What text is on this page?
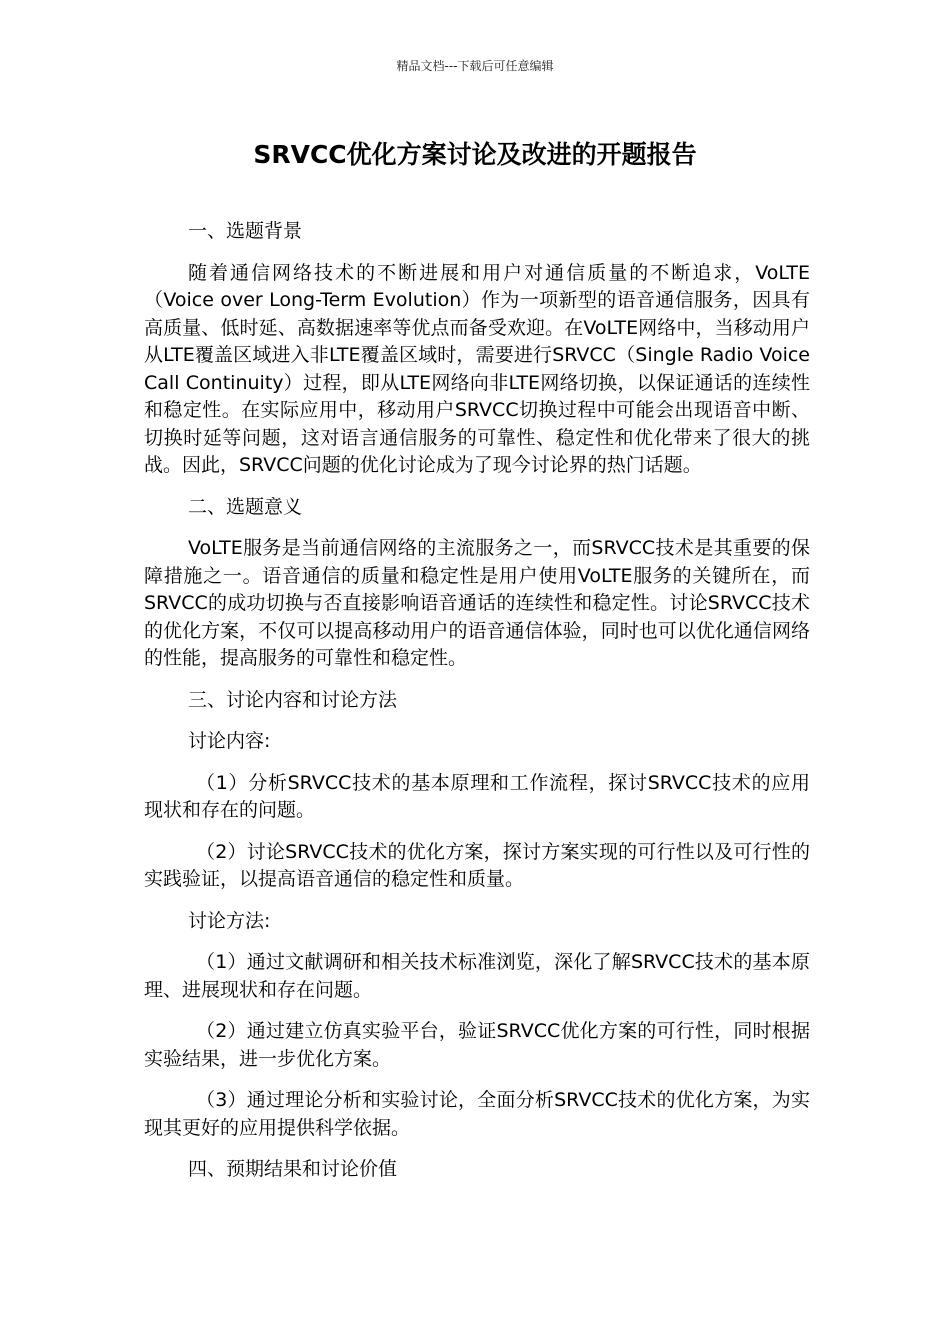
精品文档---下载后可任意编辑
SRVCC优化方案讨论及改进的开题报告

一、选题背景

随着通信网络技术的不断进展和用户对通信质量的不断追求，VoLTE（Voice over Long-Term Evolution）作为一项新型的语音通信服务，因具有高质量、低时延、高数据速率等优点而备受欢迎。在VoLTE网络中，当移动用户从LTE覆盖区域进入非LTE覆盖区域时，需要进行SRVCC（Single Radio Voice Call Continuity）过程，即从LTE网络向非LTE网络切换，以保证通话的连续性和稳定性。在实际应用中，移动用户SRVCC切换过程中可能会出现语音中断、切换时延等问题，这对语言通信服务的可靠性、稳定性和优化带来了很大的挑战。因此，SRVCC问题的优化讨论成为了现今讨论界的热门话题。

二、选题意义

VoLTE服务是当前通信网络的主流服务之一，而SRVCC技术是其重要的保障措施之一。语音通信的质量和稳定性是用户使用VoLTE服务的关键所在，而SRVCC的成功切换与否直接影响语音通话的连续性和稳定性。讨论SRVCC技术的优化方案，不仅可以提高移动用户的语音通信体验，同时也可以优化通信网络的性能，提高服务的可靠性和稳定性。

三、讨论内容和讨论方法

讨论内容:

（1）分析SRVCC技术的基本原理和工作流程，探讨SRVCC技术的应用现状和存在的问题。

（2）讨论SRVCC技术的优化方案，探讨方案实现的可行性以及可行性的实践验证，以提高语音通信的稳定性和质量。

讨论方法:

（1）通过文献调研和相关技术标准浏览，深化了解SRVCC技术的基本原理、进展现状和存在问题。

（2）通过建立仿真实验平台，验证SRVCC优化方案的可行性，同时根据实验结果，进一步优化方案。

（3）通过理论分析和实验讨论，全面分析SRVCC技术的优化方案，为实现其更好的应用提供科学依据。

四、预期结果和讨论价值
